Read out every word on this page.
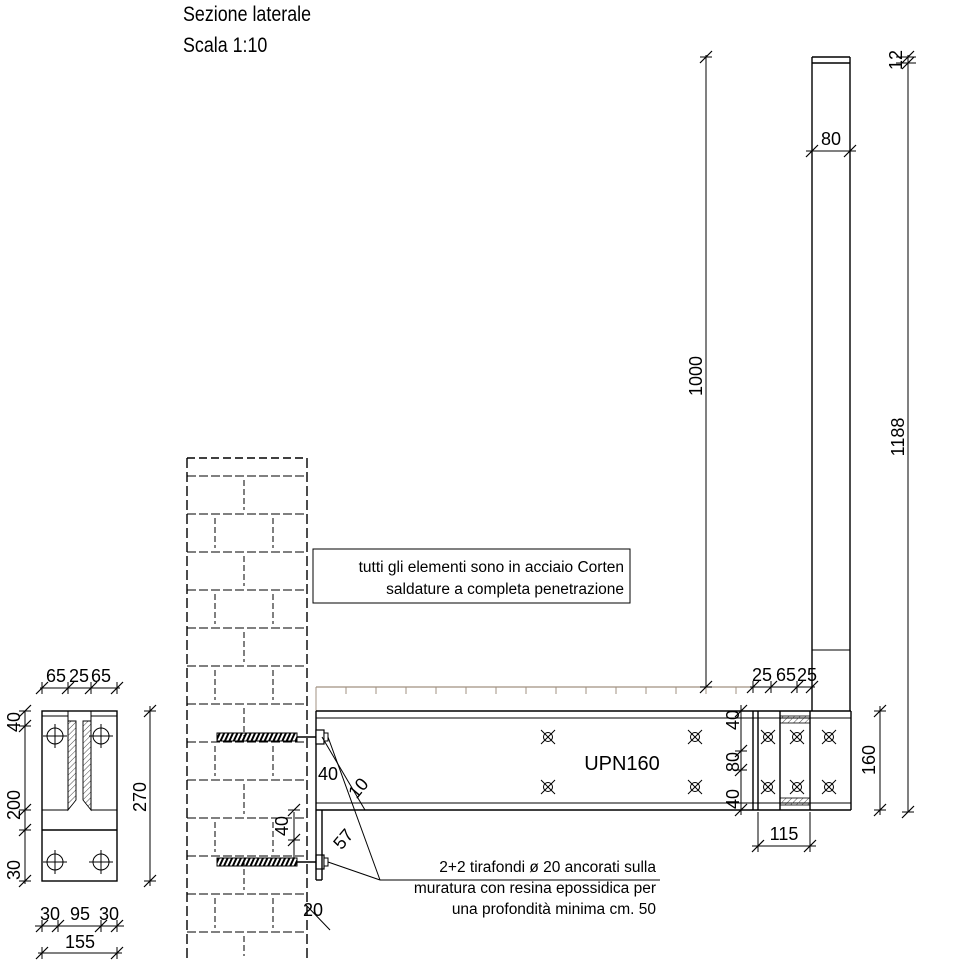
Sezione laterale
Scala 1:10
tutti gli elementi sono in acciaio Corten
saldature a completa penetrazione
UPN160
2+2 tirafondi ø 20 ancorati sulla
muratura con resina epossidica per
una profondità minima cm. 50
1000
1188
12
80
25 65 25
160
40
80
40
115
40
10
40 57
20
65 25 65
40
200
30
270
30 95 30
155
